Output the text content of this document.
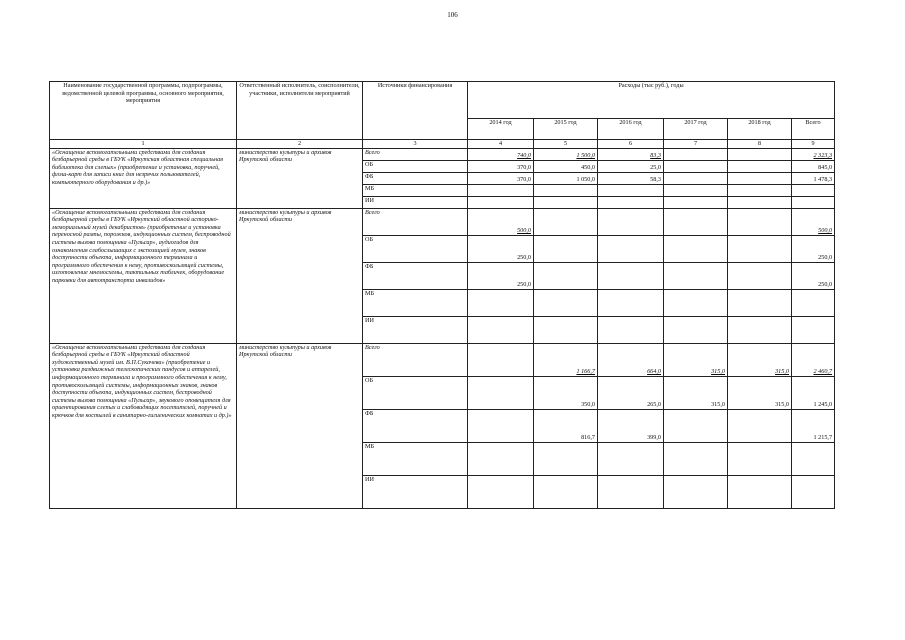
106
Наименование государственной программы, подпрограммы, ведомственной целевой программы, основного мероприятия, мероприятия	Ответственный исполнитель, соисполнители, участники, исполнители мероприятий	Источники финансирования	Расходы (тыс руб.), годы					
			2014 год	2015 год	2016 год	2017 год	2018 год	Всего
1	2	3	4	5	6	7	8	9
«Оснащение вспомогательными средствами для создания безбарьерной среды в ГБУК «Иркутская областная специальная библиотека для слепых» (приобретение и установка, поручней, флэш-карт для записи книг для незрячих пользователей, компьютерного оборудования и др.)»	министерство культуры и архивов Иркутской области	Всего	740,0	1 500,0	83,3			2 323,3
		ОБ	370,0	450,0	25,0			845,0
		ФБ	370,0	1 050,0	58,3			1 478,3
		МБ						
		ИИ						
«Оснащение вспомогательными средствами для создания безбарьерной среды в ГБУК «Иркутский областной историко-мемориальный музей декабристов» (приобретение и установка переносной рампы, порожков, индукционных систем, беспроводной системы вызова помощника «Пульсар», аудиогидов для ознакомления слабослышащих с экспозицией музея, знаков доступности объекта, информационного терминала и программного обеспечения к нему, противоскользящей системы, изготовление мнемосхемы, тактильных табличек, оборудование парковки для автотранспорта инвалидов»	министерство культуры и архивов Иркутской области	Всего	500,0					500,0
		ОБ	250,0					250,0
		ФБ	250,0					250,0
		МБ						
		ИИ						
«Оснащение вспомогательными средствами для создания безбарьерной среды в ГБУК «Иркутский областной художественный музей им. В.П.Сукачева» (приобретение и установка раздвижных телескопических пандусов и аппарелей, информационного терминала и программного обеспечения к нему, противоскользящей системы, информационных знаков, знаков доступности объекта, индукционных систем, беспроводной системы вызова помощника «Пульсар», звукового оповещателя для ориентирования слепых и слабовидящих посетителей, поручней и крючков для костылей в санитарно-гигиенических комнатах и др.)»	министерство культуры и архивов Иркутской области	Всего		1 166,7	664,0	315,0	315,0	2 460,7
		ОБ		350,0	265,0	315,0	315,0	1 245,0
		ФБ		816,7	399,0			1 215,7
		МБ						
		ИИ						
